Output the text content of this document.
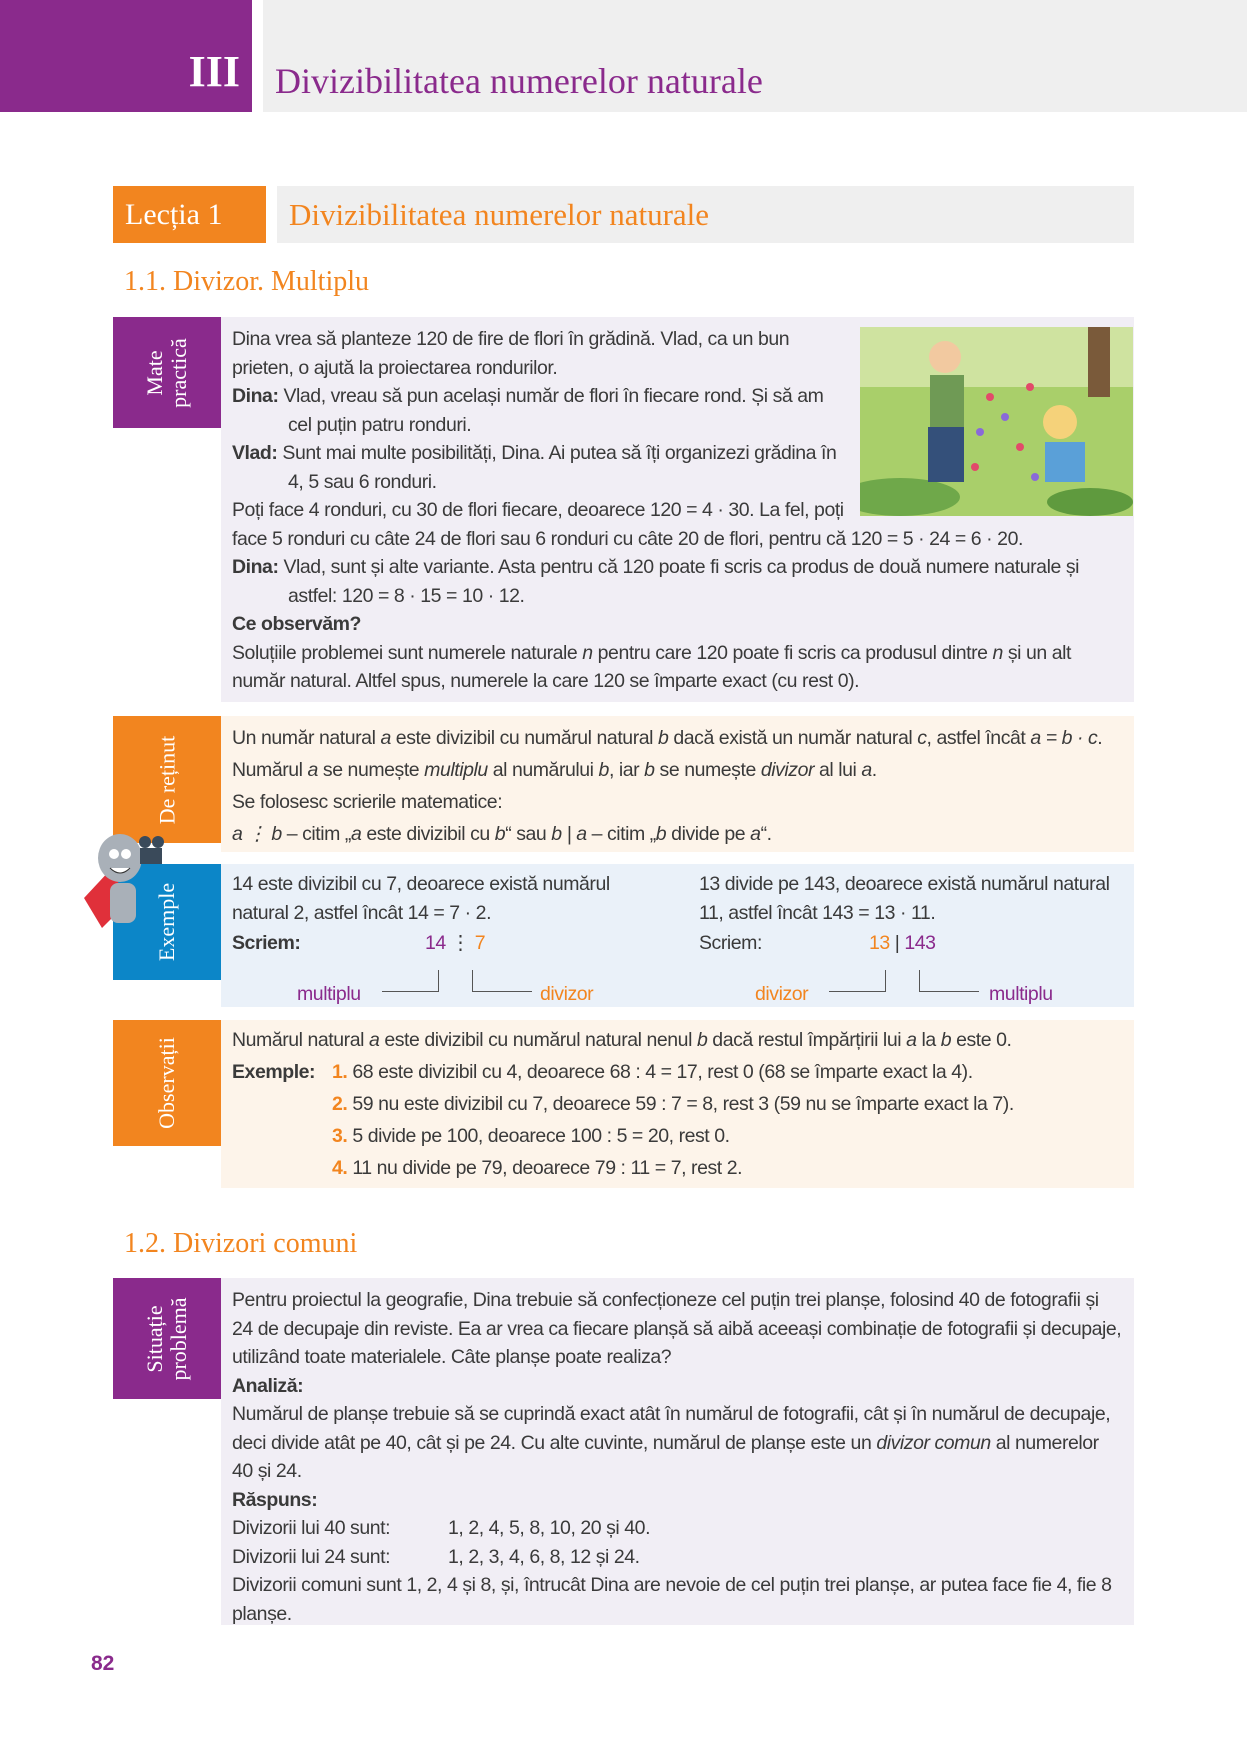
III Divizibilitatea numerelor naturale
Lecția 1	Divizibilitatea numerelor naturale
1.1. Divizor. Multiplu
Mate practică Dina vrea să planteze 120 de fire de flori în grădină. Vlad, ca un bun prieten, o ajută la proiectarea rondurilor.
Dina: Vlad, vreau să pun același număr de flori în fiecare rond. Și să am cel puțin patru ronduri.
Vlad: Sunt mai multe posibilități, Dina. Ai putea să îți organizezi grădina în 4, 5 sau 6 ronduri.
Poți face 4 ronduri, cu 30 de flori fiecare, deoarece 120 = 4 · 30. La fel, poți face 5 ronduri cu câte 24 de flori sau 6 ronduri cu câte 20 de flori, pentru că 120 = 5 · 24 = 6 · 20.
Dina: Vlad, sunt și alte variante. Asta pentru că 120 poate fi scris ca produs de două numere naturale și astfel: 120 = 8 · 15 = 10 · 12.
Ce observăm?
Soluțiile problemei sunt numerele naturale n pentru care 120 poate fi scris ca produsul dintre n și un alt număr natural. Altfel spus, numerele la care 120 se împarte exact (cu rest 0).
De reținut	Un număr natural a este divizibil cu numărul natural b dacă există un număr natural c, astfel încât a = b · c.
Numărul a se numește multiplu al numărului b, iar b se numește divizor al lui a.
Se folosesc scrierile matematice:
a ⋮ b – citim „a este divizibil cu b“ sau b | a – citim „b divide pe a“.
Exemple	14 este divizibil cu 7, deoarece există numărul natural 2, astfel încât 14 = 7 · 2.
Scriem:	14 ⋮ 7
multiplu	divizor
13 divide pe 143, deoarece există numărul natural 11, astfel încât 143 = 13 · 11.
Scriem:	13 | 143
divizor	multiplu
Observații	Numărul natural a este divizibil cu numărul natural nenul b dacă restul împărțirii lui a la b este 0.
Exemple: 1. 68 este divizibil cu 4, deoarece 68 : 4 = 17, rest 0 (68 se împarte exact la 4).
2. 59 nu este divizibil cu 7, deoarece 59 : 7 = 8, rest 3 (59 nu se împarte exact la 7).
3. 5 divide pe 100, deoarece 100 : 5 = 20, rest 0.
4. 11 nu divide pe 79, deoarece 79 : 11 = 7, rest 2.
1.2. Divizori comuni
Situație problemă Pentru proiectul la geografie, Dina trebuie să confecționeze cel puțin trei planșe, folosind 40 de fotografii și 24 de decupaje din reviste. Ea ar vrea ca fiecare planșă să aibă aceeași combinație de fotografii și decupaje, utilizând toate materialele. Câte planșe poate realiza?
Analiză:
Numărul de planșe trebuie să se cuprindă exact atât în numărul de fotografii, cât și în numărul de decupaje, deci divide atât pe 40, cât și pe 24. Cu alte cuvinte, numărul de planșe este un divizor comun al numerelor 40 și 24.
Răspuns:
Divizorii lui 40 sunt:	1, 2, 4, 5, 8, 10, 20 și 40.
Divizorii lui 24 sunt:	1, 2, 3, 4, 6, 8, 12 și 24.
Divizorii comuni sunt 1, 2, 4 și 8, și, întrucât Dina are nevoie de cel puțin trei planșe, ar putea face fie 4, fie 8 planșe.
82
